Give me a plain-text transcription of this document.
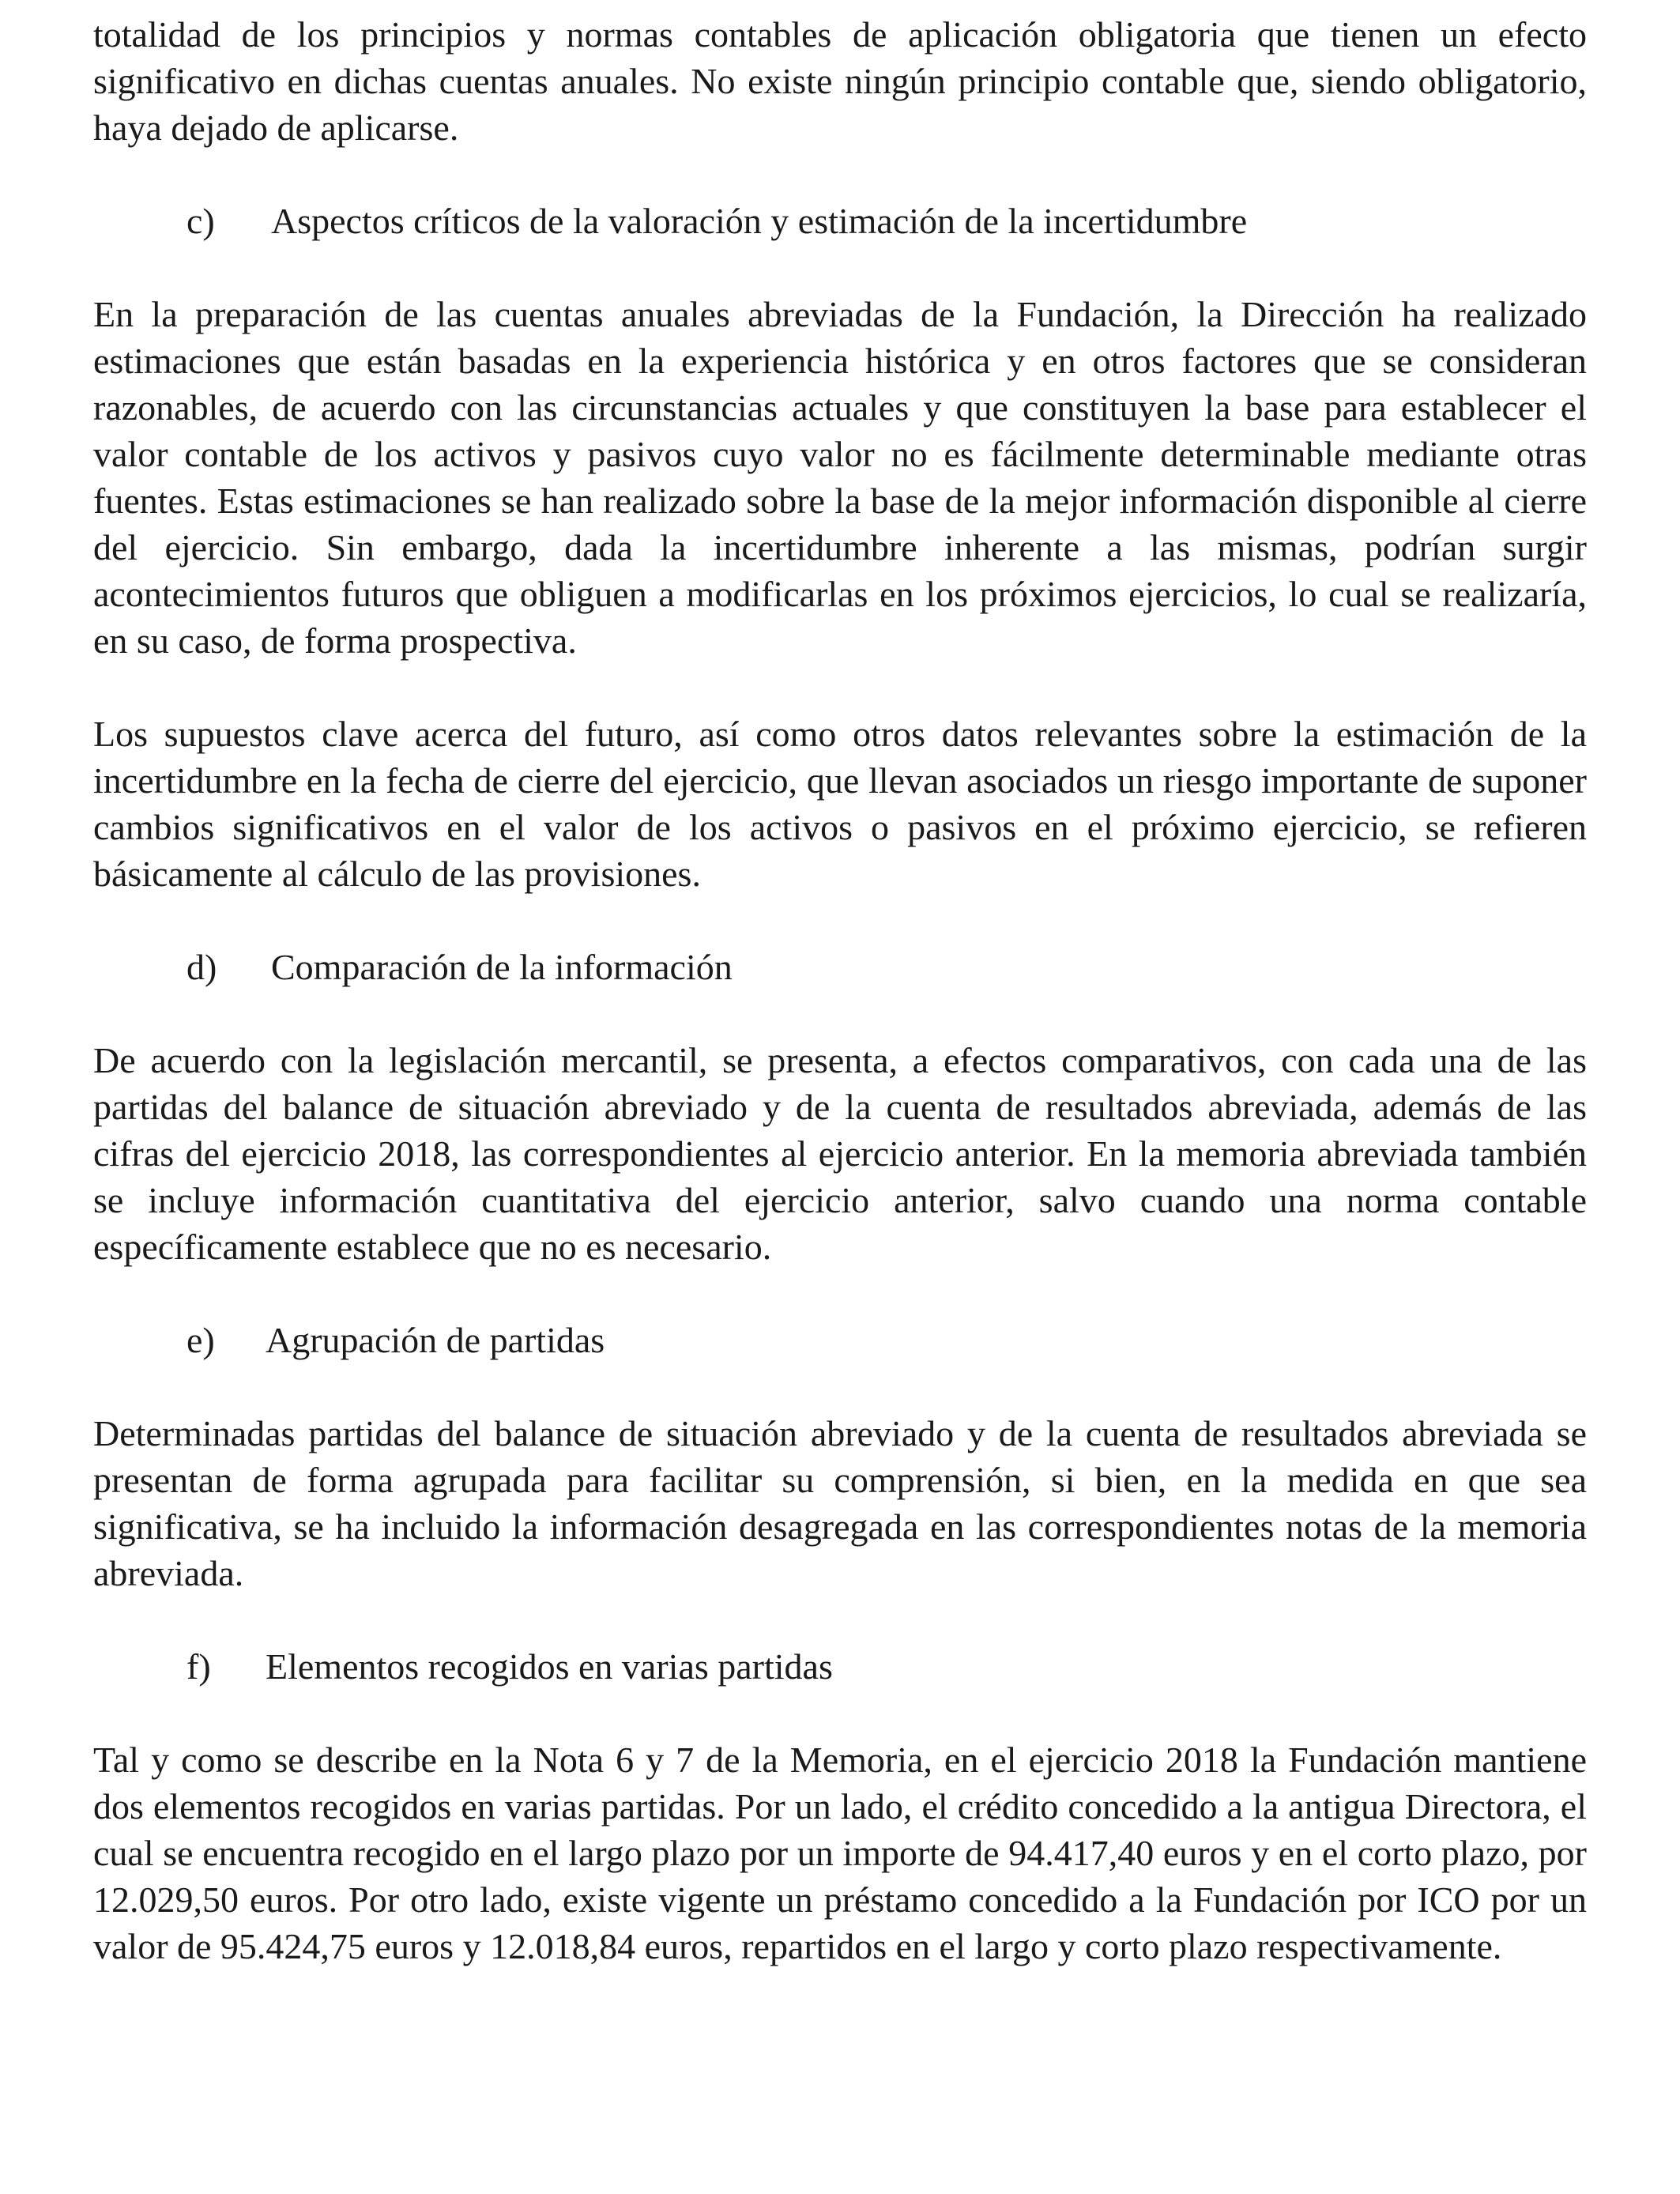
totalidad de los principios y normas contables de aplicación obligatoria que tienen un efecto significativo en dichas cuentas anuales. No existe ningún principio contable que, siendo obligatorio, haya dejado de aplicarse.

c)	Aspectos críticos de la valoración y estimación de la incertidumbre

En la preparación de las cuentas anuales abreviadas de la Fundación, la Dirección ha realizado estimaciones que están basadas en la experiencia histórica y en otros factores que se consideran razonables, de acuerdo con las circunstancias actuales y que constituyen la base para establecer el valor contable de los activos y pasivos cuyo valor no es fácilmente determinable mediante otras fuentes. Estas estimaciones se han realizado sobre la base de la mejor información disponible al cierre del ejercicio. Sin embargo, dada la incertidumbre inherente a las mismas, podrían surgir acontecimientos futuros que obliguen a modificarlas en los próximos ejercicios, lo cual se realizaría, en su caso, de forma prospectiva.

Los supuestos clave acerca del futuro, así como otros datos relevantes sobre la estimación de la incertidumbre en la fecha de cierre del ejercicio, que llevan asociados un riesgo importante de suponer cambios significativos en el valor de los activos o pasivos en el próximo ejercicio, se refieren básicamente al cálculo de las provisiones.

d)	Comparación de la información

De acuerdo con la legislación mercantil, se presenta, a efectos comparativos, con cada una de las partidas del balance de situación abreviado y de la cuenta de resultados abreviada, además de las cifras del ejercicio 2018, las correspondientes al ejercicio anterior. En la memoria abreviada también se incluye información cuantitativa del ejercicio anterior, salvo cuando una norma contable específicamente establece que no es necesario.

e)	Agrupación de partidas

Determinadas partidas del balance de situación abreviado y de la cuenta de resultados abreviada se presentan de forma agrupada para facilitar su comprensión, si bien, en la medida en que sea significativa, se ha incluido la información desagregada en las correspondientes notas de la memoria abreviada.

f)	Elementos recogidos en varias partidas

Tal y como se describe en la Nota 6 y 7 de la Memoria, en el ejercicio 2018 la Fundación mantiene dos elementos recogidos en varias partidas. Por un lado, el crédito concedido a la antigua Directora, el cual se encuentra recogido en el largo plazo por un importe de 94.417,40 euros y en el corto plazo, por 12.029,50 euros. Por otro lado, existe vigente un préstamo concedido a la Fundación por ICO por un valor de 95.424,75 euros y 12.018,84 euros, repartidos en el largo y corto plazo respectivamente.
